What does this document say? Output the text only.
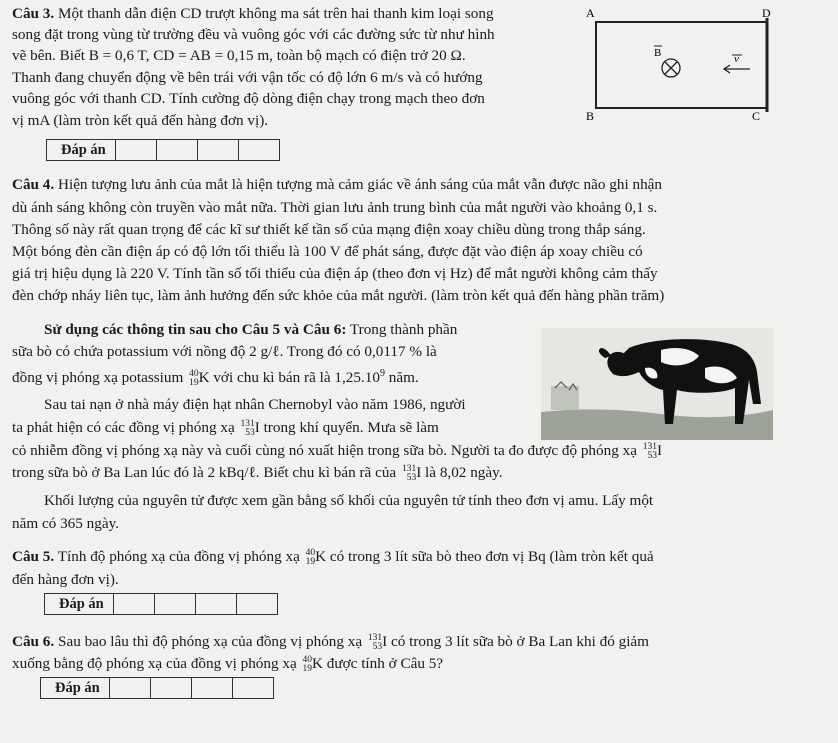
Câu 3. Một thanh dẫn điện CD trượt không ma sát trên hai thanh kim loại song
song đặt trong vùng từ trường đều và vuông góc với các đường sức từ như hình
vẽ bên. Biết B = 0,6 T, CD = AB = 0,15 m, toàn bộ mạch có điện trở 20 Ω.
Thanh đang chuyển động về bên trái với vận tốc có độ lớn 6 m/s và có hướng
vuông góc với thanh CD. Tính cường độ dòng điện chạy trong mạch theo đơn
vị mA (làm tròn kết quả đến hàng đơn vị).
A	D
B	C
B	v
Đáp án
Câu 4. Hiện tượng lưu ảnh của mắt là hiện tượng mà cảm giác về ánh sáng của mắt vẫn được não ghi nhận
dù ánh sáng không còn truyền vào mắt nữa. Thời gian lưu ảnh trung bình của mắt người vào khoảng 0,1 s.
Thông số này rất quan trọng để các kĩ sư thiết kế tần số của mạng điện xoay chiều dùng trong thắp sáng.
Một bóng đèn cần điện áp có độ lớn tối thiểu là 100 V để phát sáng, được đặt vào điện áp xoay chiều có
giá trị hiệu dụng là 220 V. Tính tần số tối thiểu của điện áp (theo đơn vị Hz) để mắt người không cảm thấy
đèn chớp nháy liên tục, làm ảnh hưởng đến sức khỏe của mắt người. (làm tròn kết quả đến hàng phần trăm)
Sử dụng các thông tin sau cho Câu 5 và Câu 6: Trong thành phần
sữa bò có chứa potassium với nồng độ 2 g/ℓ. Trong đó có 0,0117 % là
đồng vị phóng xạ potassium 40
19 K với chu kì bán rã là 1,25.10$^9$ năm.
Sau tai nạn ở nhà máy điện hạt nhân Chernobyl vào năm 1986, người
ta phát hiện có các đồng vị phóng xạ 131
53 I trong khí quyển. Mưa sẽ làm
cỏ nhiễm đồng vị phóng xạ này và cuối cùng nó xuất hiện trong sữa bò. Người ta đo được độ phóng xạ 131
53 I
trong sữa bò ở Ba Lan lúc đó là 2 kBq/ℓ. Biết chu kì bán rã của 131
53 I là 8,02 ngày.
Khối lượng của nguyên tử được xem gần bằng số khối của nguyên tử tính theo đơn vị amu. Lấy một
năm có 365 ngày.
Câu 5. Tính độ phóng xạ của đồng vị phóng xạ 40
19 K có trong 3 lít sữa bò theo đơn vị Bq (làm tròn kết quả
đến hàng đơn vị).
Đáp án
Câu 6. Sau bao lâu thì độ phóng xạ của đồng vị phóng xạ 131
53 I có trong 3 lít sữa bò ở Ba Lan khi đó giảm
xuống bằng độ phóng xạ của đồng vị phóng xạ 40
19 K được tính ở Câu 5?
Đáp án
